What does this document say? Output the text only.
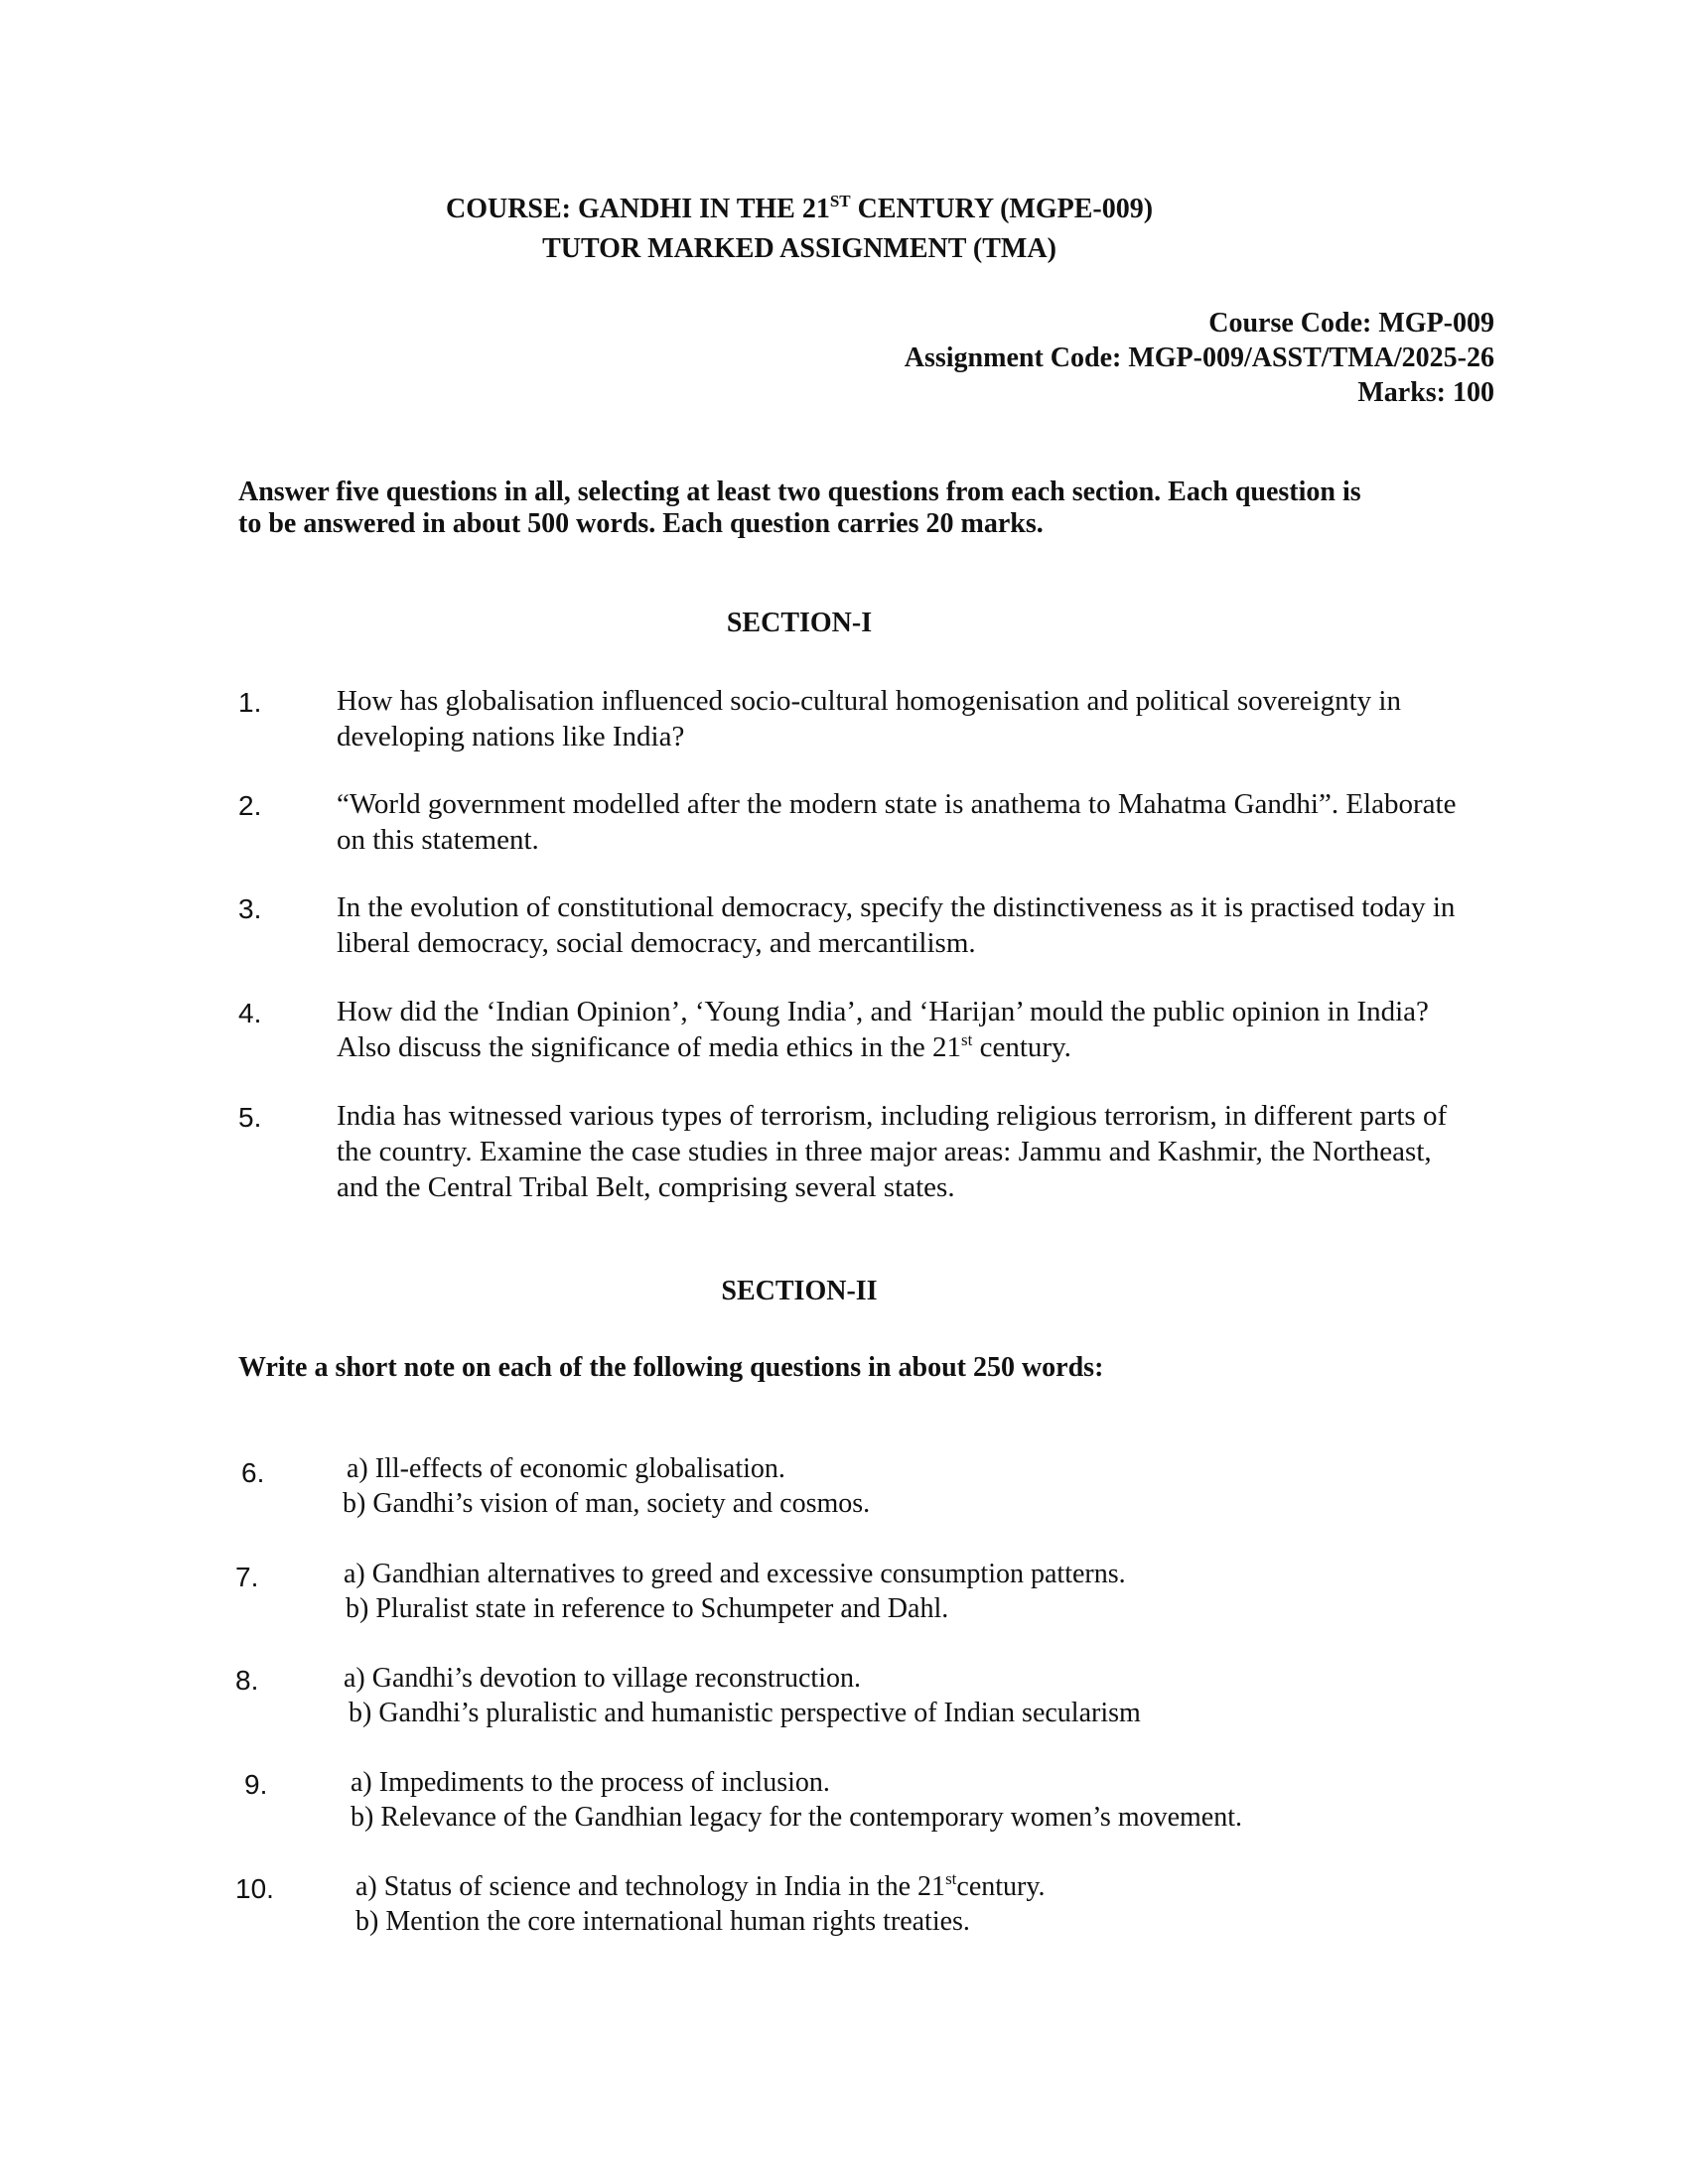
COURSE: GANDHI IN THE 21ST CENTURY (MGPE-009)
TUTOR MARKED ASSIGNMENT (TMA)
Course Code: MGP-009
Assignment Code: MGP-009/ASST/TMA/2025-26
Marks: 100
Answer five questions in all, selecting at least two questions from each section. Each question is
to be answered in about 500 words. Each question carries 20 marks.
SECTION-I
1.	How has globalisation influenced socio-cultural homogenisation and political sovereignty in
developing nations like India?
2.	“World government modelled after the modern state is anathema to Mahatma Gandhi”. Elaborate
on this statement.
3.	In the evolution of constitutional democracy, specify the distinctiveness as it is practised today in
liberal democracy, social democracy, and mercantilism.
4.	How did the ‘Indian Opinion’, ‘Young India’, and ‘Harijan’ mould the public opinion in India?
Also discuss the significance of media ethics in the 21st century.
5.	India has witnessed various types of terrorism, including religious terrorism, in different parts of
the country. Examine the case studies in three major areas: Jammu and Kashmir, the Northeast,
and the Central Tribal Belt, comprising several states.
SECTION-II
Write a short note on each of the following questions in about 250 words:
6.	a) Ill-effects of economic globalisation.
b) Gandhi’s vision of man, society and cosmos.
7.	a) Gandhian alternatives to greed and excessive consumption patterns.
b) Pluralist state in reference to Schumpeter and Dahl.
8.	a) Gandhi’s devotion to village reconstruction.
b) Gandhi’s pluralistic and humanistic perspective of Indian secularism
9.	a) Impediments to the process of inclusion.
b) Relevance of the Gandhian legacy for the contemporary women’s movement.
10.	a) Status of science and technology in India in the 21stcentury.
b) Mention the core international human rights treaties.
